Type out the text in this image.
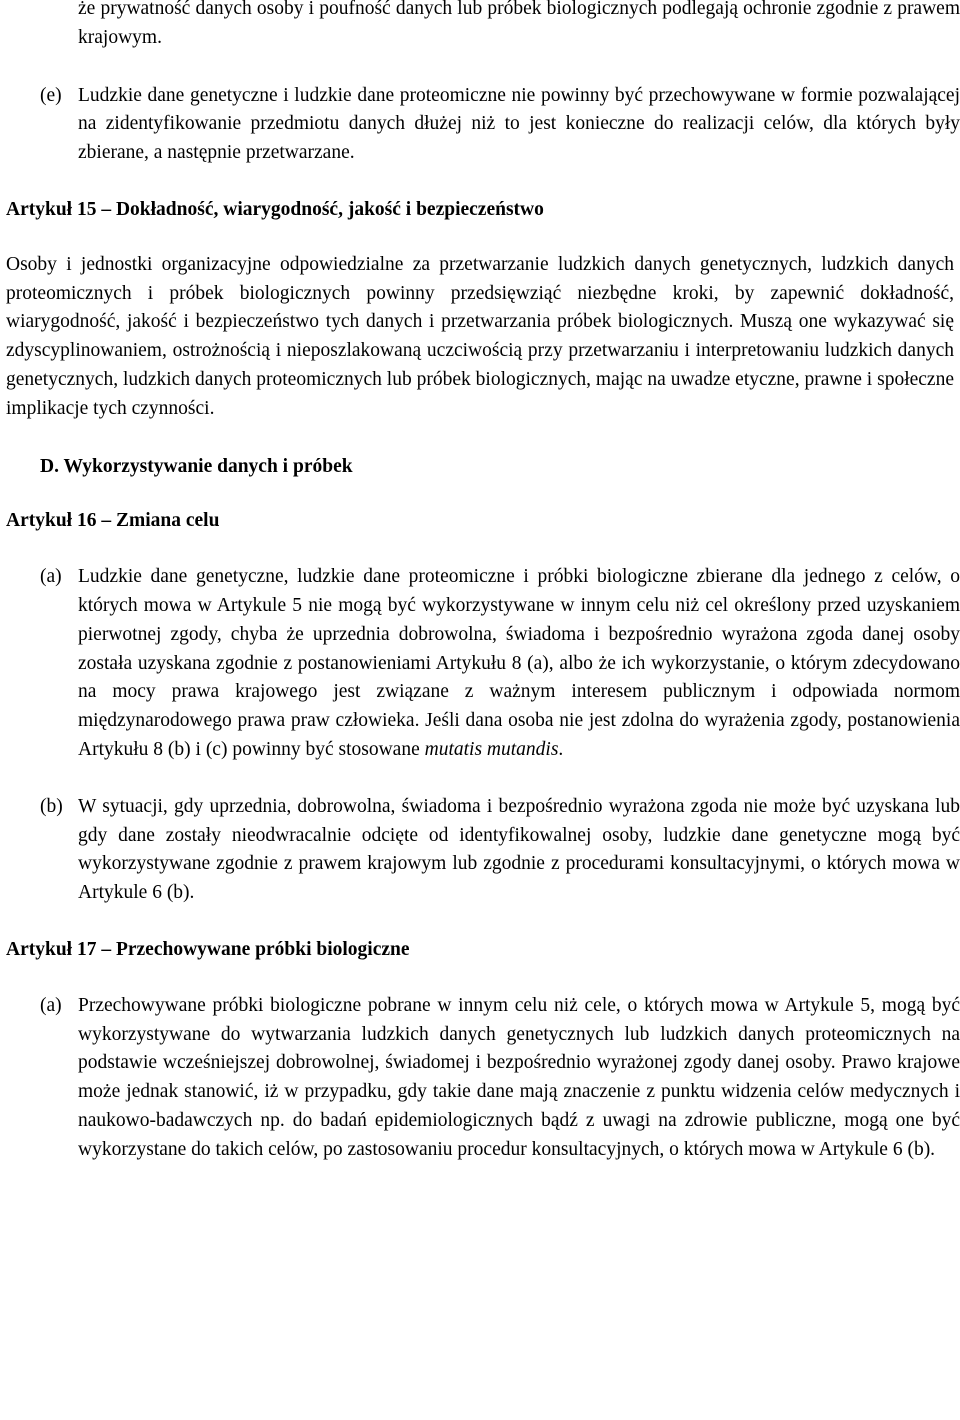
że prywatność danych osoby i poufność danych lub próbek biologicznych podlegają ochronie zgodnie z prawem krajowym.

(e) Ludzkie dane genetyczne i ludzkie dane proteomiczne nie powinny być przechowywane w formie pozwalającej na zidentyfikowanie przedmiotu danych dłużej niż to jest konieczne do realizacji celów, dla których były zbierane, a następnie przetwarzane.

Artykuł 15 – Dokładność, wiarygodność, jakość i bezpieczeństwo

Osoby i jednostki organizacyjne odpowiedzialne za przetwarzanie ludzkich danych genetycznych, ludzkich danych proteomicznych i próbek biologicznych powinny przedsięwziąć niezbędne kroki, by zapewnić dokładność, wiarygodność, jakość i bezpieczeństwo tych danych i przetwarzania próbek biologicznych. Muszą one wykazywać się zdyscyplinowaniem, ostrożnością i nieposzlakowaną uczciwością przy przetwarzaniu i interpretowaniu ludzkich danych genetycznych, ludzkich danych proteomicznych lub próbek biologicznych, mając na uwadze etyczne, prawne i społeczne implikacje tych czynności.

D. Wykorzystywanie danych i próbek

Artykuł 16 – Zmiana celu

(a) Ludzkie dane genetyczne, ludzkie dane proteomiczne i próbki biologiczne zbierane dla jednego z celów, o których mowa w Artykule 5 nie mogą być wykorzystywane w innym celu niż cel określony przed uzyskaniem pierwotnej zgody, chyba że uprzednia dobrowolna, świadoma i bezpośrednio wyrażona zgoda danej osoby została uzyskana zgodnie z postanowieniami Artykułu 8 (a), albo że ich wykorzystanie, o którym zdecydowano na mocy prawa krajowego jest związane z ważnym interesem publicznym i odpowiada normom międzynarodowego prawa praw człowieka. Jeśli dana osoba nie jest zdolna do wyrażenia zgody, postanowienia Artykułu 8 (b) i (c) powinny być stosowane mutatis mutandis.
(b) W sytuacji, gdy uprzednia, dobrowolna, świadoma i bezpośrednio wyrażona zgoda nie może być uzyskana lub gdy dane zostały nieodwracalnie odcięte od identyfikowalnej osoby, ludzkie dane genetyczne mogą być wykorzystywane zgodnie z prawem krajowym lub zgodnie z procedurami konsultacyjnymi, o których mowa w Artykule 6 (b).

Artykuł 17 – Przechowywane próbki biologiczne

(a) Przechowywane próbki biologiczne pobrane w innym celu niż cele, o których mowa w Artykule 5, mogą być wykorzystywane do wytwarzania ludzkich danych genetycznych lub ludzkich danych proteomicznych na podstawie wcześniejszej dobrowolnej, świadomej i bezpośrednio wyrażonej zgody danej osoby. Prawo krajowe może jednak stanowić, iż w przypadku, gdy takie dane mają znaczenie z punktu widzenia celów medycznych i naukowo-badawczych np. do badań epidemiologicznych bądź z uwagi na zdrowie publiczne, mogą one być wykorzystane do takich celów, po zastosowaniu procedur konsultacyjnych, o których mowa w Artykule 6 (b).
